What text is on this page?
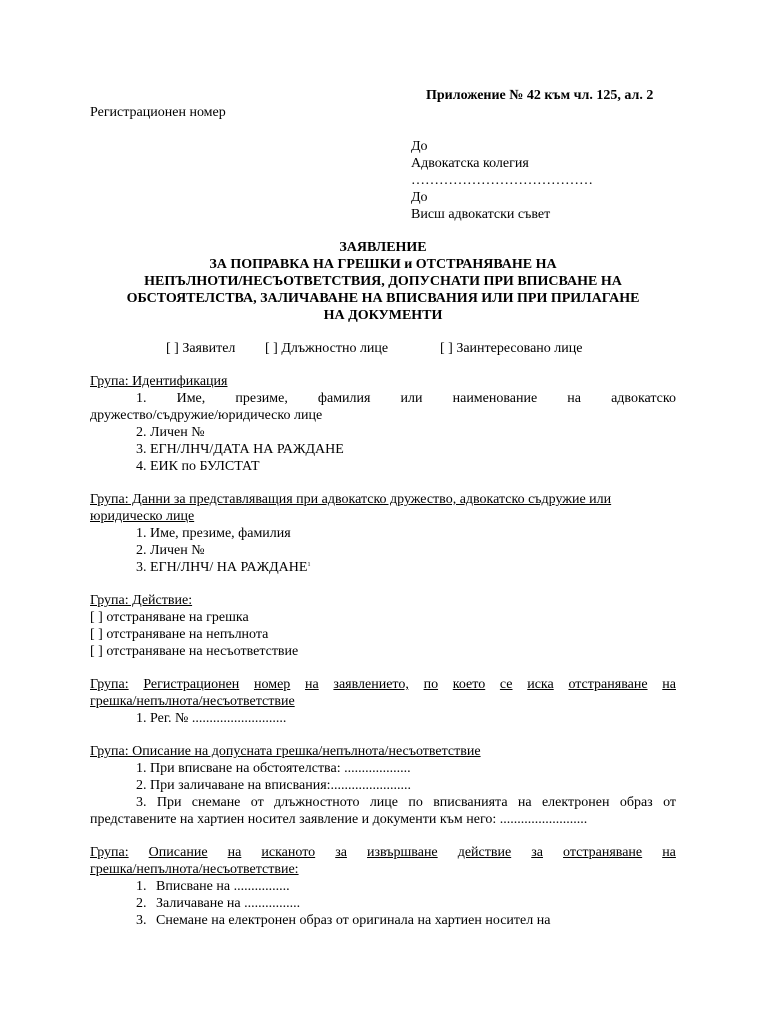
Приложение № 42 към чл. 125, ал. 2
Регистрационен номер
До
Адвокатска колегия
…………………………………
До
Висш адвокатски съвет
ЗАЯВЛЕНИЕ
ЗА ПОПРАВКА НА ГРЕШКИ и ОТСТРАНЯВАНЕ НА
НЕПЪЛНОТИ/НЕСЪОТВЕТСТВИЯ, ДОПУСНАТИ ПРИ ВПИСВАНЕ НА
ОБСТОЯТЕЛСТВА, ЗАЛИЧАВАНЕ НА ВПИСВАНИЯ ИЛИ ПРИ ПРИЛАГАНЕ
НА ДОКУМЕНТИ
[ ] Заявител [ ] Длъжностно лице	[ ] Заинтересовано лице
Група: Идентификация
1. Име, презиме, фамилия или наименование на адвокатско
дружество/съдружие/юридическо лице
2. Личен №
3. ЕГН/ЛНЧ/ДАТА НА РАЖДАНЕ
4. ЕИК по БУЛСТАТ
Група: Данни за представляващия при адвокатско дружество, адвокатско съдружие или
юридическо лице
1. Име, презиме, фамилия
2. Личен №
3. ЕГН/ЛНЧ/ НА РАЖДАНЕ$^1$
Група: Действие:
[ ] отстраняване на грешка
[ ] отстраняване на непълнота
[ ] отстраняване на несъответствие
Група: Регистрационен номер на заявлението, по което се иска отстраняване на
грешка/непълнота/несъответствие
1. Рег. № ...........................
Група: Описание на допусната грешка/непълнота/несъответствие
1. При вписване на обстоятелства: ...................
2. При заличаване на вписвания:.......................
3. При снемане от длъжностното лице по вписванията на електронен образ от
представените на хартиен носител заявление и документи към него: .........................
Група: Описание на исканото за извършване действие за отстраняване на
грешка/непълнота/несъответствие:
1. Вписване на ................
2. Заличаване на ................
3. Снемане на електронен образ от оригинала на хартиен носител на
